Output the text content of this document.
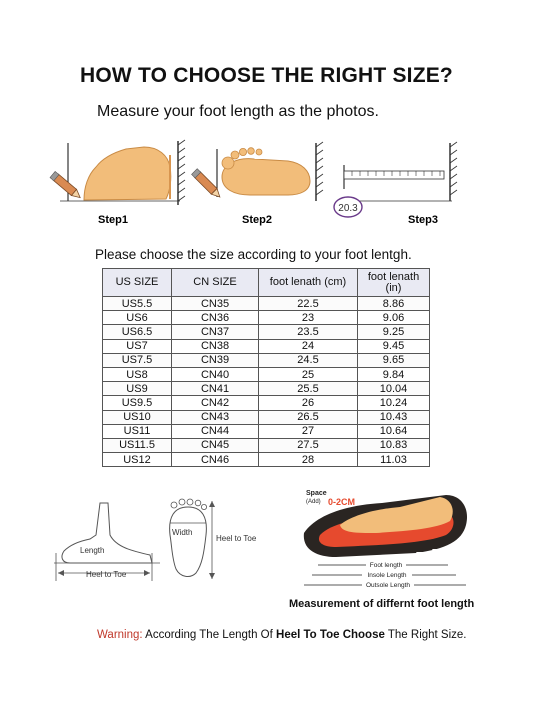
HOW TO CHOOSE THE RIGHT SIZE?
Measure your foot length as the photos.
Step1	Step2
20.3
Step3
Please choose the size according to your foot lentgh.
US SIZE	CN SIZE	foot lenath (cm)	foot lenath (in)
US5.5	CN35	22.5	8.86
US6	CN36	23	9.06
US6.5	CN37	23.5	9.25
US7	CN38	24	9.45
US7.5	CN39	24.5	9.65
US8	CN40	25	9.84
US9	CN41	25.5	10.04
US9.5	CN42	26	10.24
US10	CN43	26.5	10.43
US11	CN44	27	10.64
US11.5	CN45	27.5	10.83
US12	CN46	28	11.03
Length
Heel to Toe
Width
Heel to Toe
Space
(Add) 0-2CM
Foot length
Insole Length
Outsole Length
Measurement of differnt foot length
Warning: According The Length Of Heel To Toe Choose The Right Size.
